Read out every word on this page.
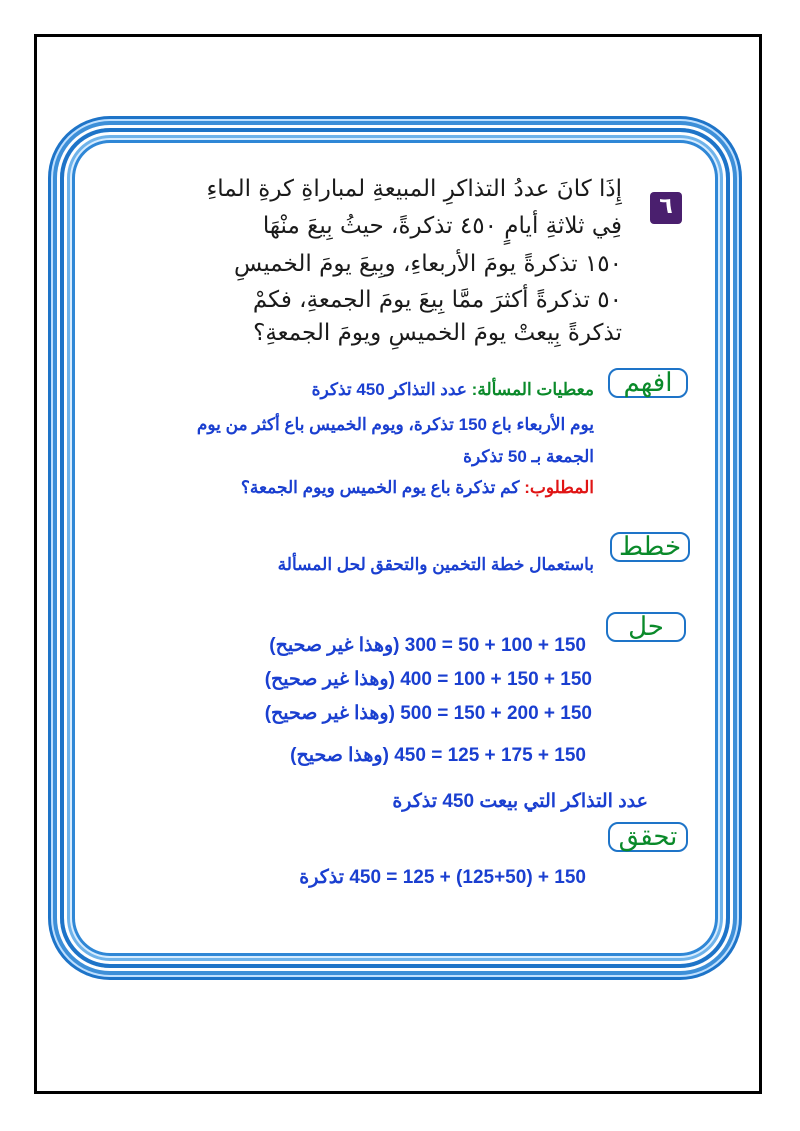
٦
إِذَا كانَ عددُ التذاكرِ المبيعةِ لمباراةِ كرةِ الماءِ
فِي ثلاثةِ أيامٍ ٤٥٠ تذكرةً، حيثُ بِيعَ منْهَا
١٥٠ تذكرةً يومَ الأربعاءِ، وبِيعَ يومَ الخميسِ
٥٠ تذكرةً أكثرَ ممَّا بِيعَ يومَ الجمعةِ، فكمْ
تذكرةً بِيعتْ يومَ الخميسِ ويومَ الجمعةِ؟
افهم
معطيات المسألة: عدد التذاكر 450 تذكرة
يوم الأربعاء باع 150 تذكرة، ويوم الخميس باع أكثر من يوم
الجمعة بـ 50 تذكرة
المطلوب: كم تذكرة باع يوم الخميس ويوم الجمعة؟
خطط
باستعمال خطة التخمين والتحقق لحل المسألة
حل
150 + 100 + 50 = 300 (وهذا غير صحيح)
150 + 150 + 100 = 400 (وهذا غير صحيح)
150 + 200 + 150 = 500 (وهذا غير صحيح)
150 + 175 + 125 = 450 (وهذا صحيح)
عدد التذاكر التي بيعت 450 تذكرة
تحقق
150 + (125+50) + 125 = 450 تذكرة
